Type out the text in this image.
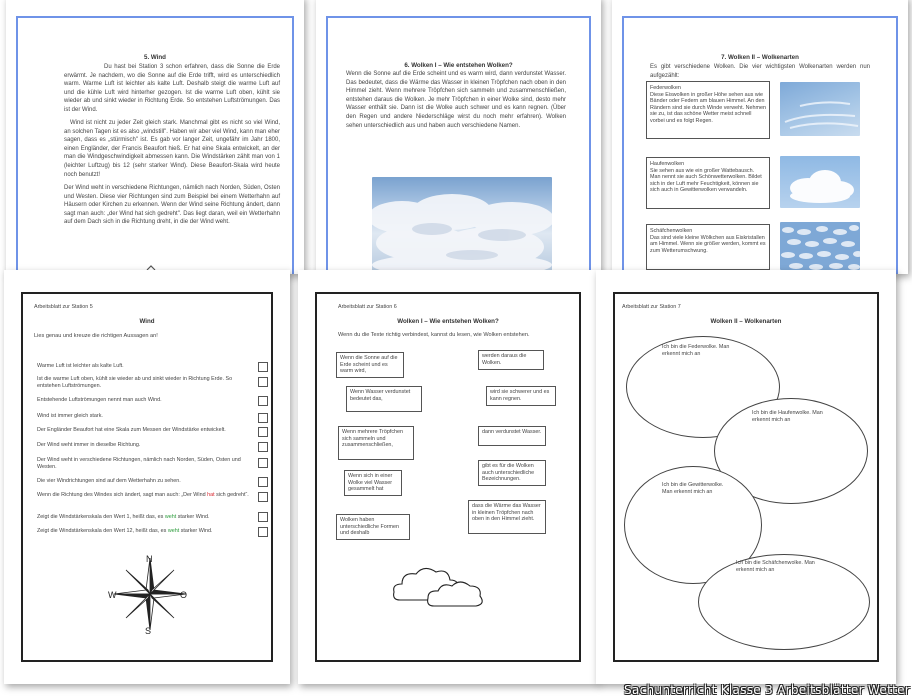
5. Wind
Du hast bei Station 3 schon erfahren, dass die Sonne die Erde erwärmt. Je nachdem, wo die Sonne auf die Erde trifft, wird es unterschiedlich warm. Warme Luft ist leichter als kalte Luft. Deshalb steigt die warme Luft auf und die kühle Luft wird hinterher gezogen. Ist die warme Luft oben, kühlt sie wieder ab und sinkt wieder in Richtung Erde. So entstehen Luftströmungen. Das ist der Wind.
Wind ist nicht zu jeder Zeit gleich stark. Manchmal gibt es nicht so viel Wind, an solchen Tagen ist es also „windstill". Haben wir aber viel Wind, kann man eher sagen, dass es „stürmisch" ist. Es gab vor langer Zeit, ungefähr im Jahr 1800, einen Engländer, der Francis Beaufort hieß. Er hat eine Skala entwickelt, an der man die Windgeschwindigkeit abmessen kann. Die Windstärken zählt man von 1 (leichter Luftzug) bis 12 (sehr starker Wind). Diese Beaufort-Skala wird heute noch benutzt!
Der Wind weht in verschiedene Richtungen, nämlich nach Norden, Süden, Osten und Westen. Diese vier Richtungen sind zum Beispiel bei einem Wetterhahn auf Häusern oder Kirchen zu erkennen. Wenn der Wind seine Richtung ändert, dann sagt man auch: „der Wind hat sich gedreht". Das liegt daran, weil ein Wetterhahn auf dem Dach sich in die Richtung dreht, in die der Wind weht.
6. Wolken I – Wie entstehen Wolken?
Wenn die Sonne auf die Erde scheint und es warm wird, dann verdunstet Wasser. Das bedeutet, dass die Wärme das Wasser in kleinen Tröpfchen nach oben in den Himmel zieht. Wenn mehrere Tröpfchen sich sammeln und zusammenschließen, entstehen daraus die Wolken. Je mehr Tröpfchen in einer Wolke sind, desto mehr Wasser enthält sie. Dann ist die Wolke auch schwer und es kann regnen. (Über den Regen und andere Niederschläge wirst du noch mehr erfahren). Wolken sehen unterschiedlich aus und haben auch verschiedene Namen.
7. Wolken II – Wolkenarten
Es gibt verschiedene Wolken. Die vier wichtigsten Wolkenarten werden nun aufgezählt:
Federwolken
Diese Eiswolken in großer Höhe sehen aus wie Bänder oder Federn am blauen Himmel. An den Rändern sind sie durch Winde verweht. Nehmen sie zu, ist das schöne Wetter meist schnell vorbei und es folgt Regen.
Haufenwolken
Sie sehen aus wie ein großer Wattebausch. Man nennt sie auch Schönwetterwolken. Bildet sich in der Luft mehr Feuchtigkeit, können sie sich auch in Gewitterwolken verwandeln.
Schäfchenwolken
Das sind viele kleine Wölkchen aus Eiskristallen am Himmel. Wenn sie größer werden, kommt es zum Wetterumschwung.
Arbeitsblatt zur Station 5
Wind
Lies genau und kreuze die richtigen Aussagen an!
Warme Luft ist leichter als kalte Luft.
Ist die warme Luft oben, kühlt sie wieder ab und sinkt wieder in Richtung Erde. So entstehen Luftströmungen.
Entstehende Luftströmungen nennt man auch Wind.
Wind ist immer gleich stark.
Der Engländer Beaufort hat eine Skala zum Messen der Windstärke entwickelt.
Der Wind weht immer in dieselbe Richtung.
Der Wind weht in verschiedene Richtungen, nämlich nach Norden, Süden, Osten und Westen.
Die vier Windrichtungen sind auf dem Wetterhahn zu sehen.
Wenn die Richtung des Windes sich ändert, sagt man auch: „Der Wind hat sich gedreht“.
Zeigt die Windstärkenskala den Wert 1, heißt das, es weht starker Wind.
Zeigt die Windstärkenskala den Wert 12, heißt das, es weht starker Wind.
N
S
W	O
Arbeitsblatt zur Station 6
Wolken I – Wie entstehen Wolken?
Wenn du die Texte richtig verbindest, kannst du lesen, wie Wolken entstehen.
Wenn die Sonne auf die Erde scheint und es warm wird,
Wenn Wasser verdunstet bedeutet das,
Wenn mehrere Tröpfchen sich sammeln und zusammenschließen,
Wenn sich in einer Wolke viel Wasser gesammelt hat
Wolken haben unterschiedliche Formen und deshalb
werden daraus die Wolken.
wird sie schwerer und es kann regnen.
dann verdunstet Wasser.
gibt es für die Wolken auch unterschiedliche Bezeichnungen.
dass die Wärme das Wasser in kleinen Tröpfchen nach oben in den Himmel zieht.
Arbeitsblatt zur Station 7
Wolken II – Wolkenarten
Ich bin die Federwolke. Man erkennt mich an
Ich bin die Haufenwolke. Man erkennt mich an
Ich bin die Gewitterwolke. Man erkennt mich an
Ich bin die Schäfchenwolke. Man erkennt mich an
Sachunterricht Klasse 3 Arbeitsblätter Wetter
